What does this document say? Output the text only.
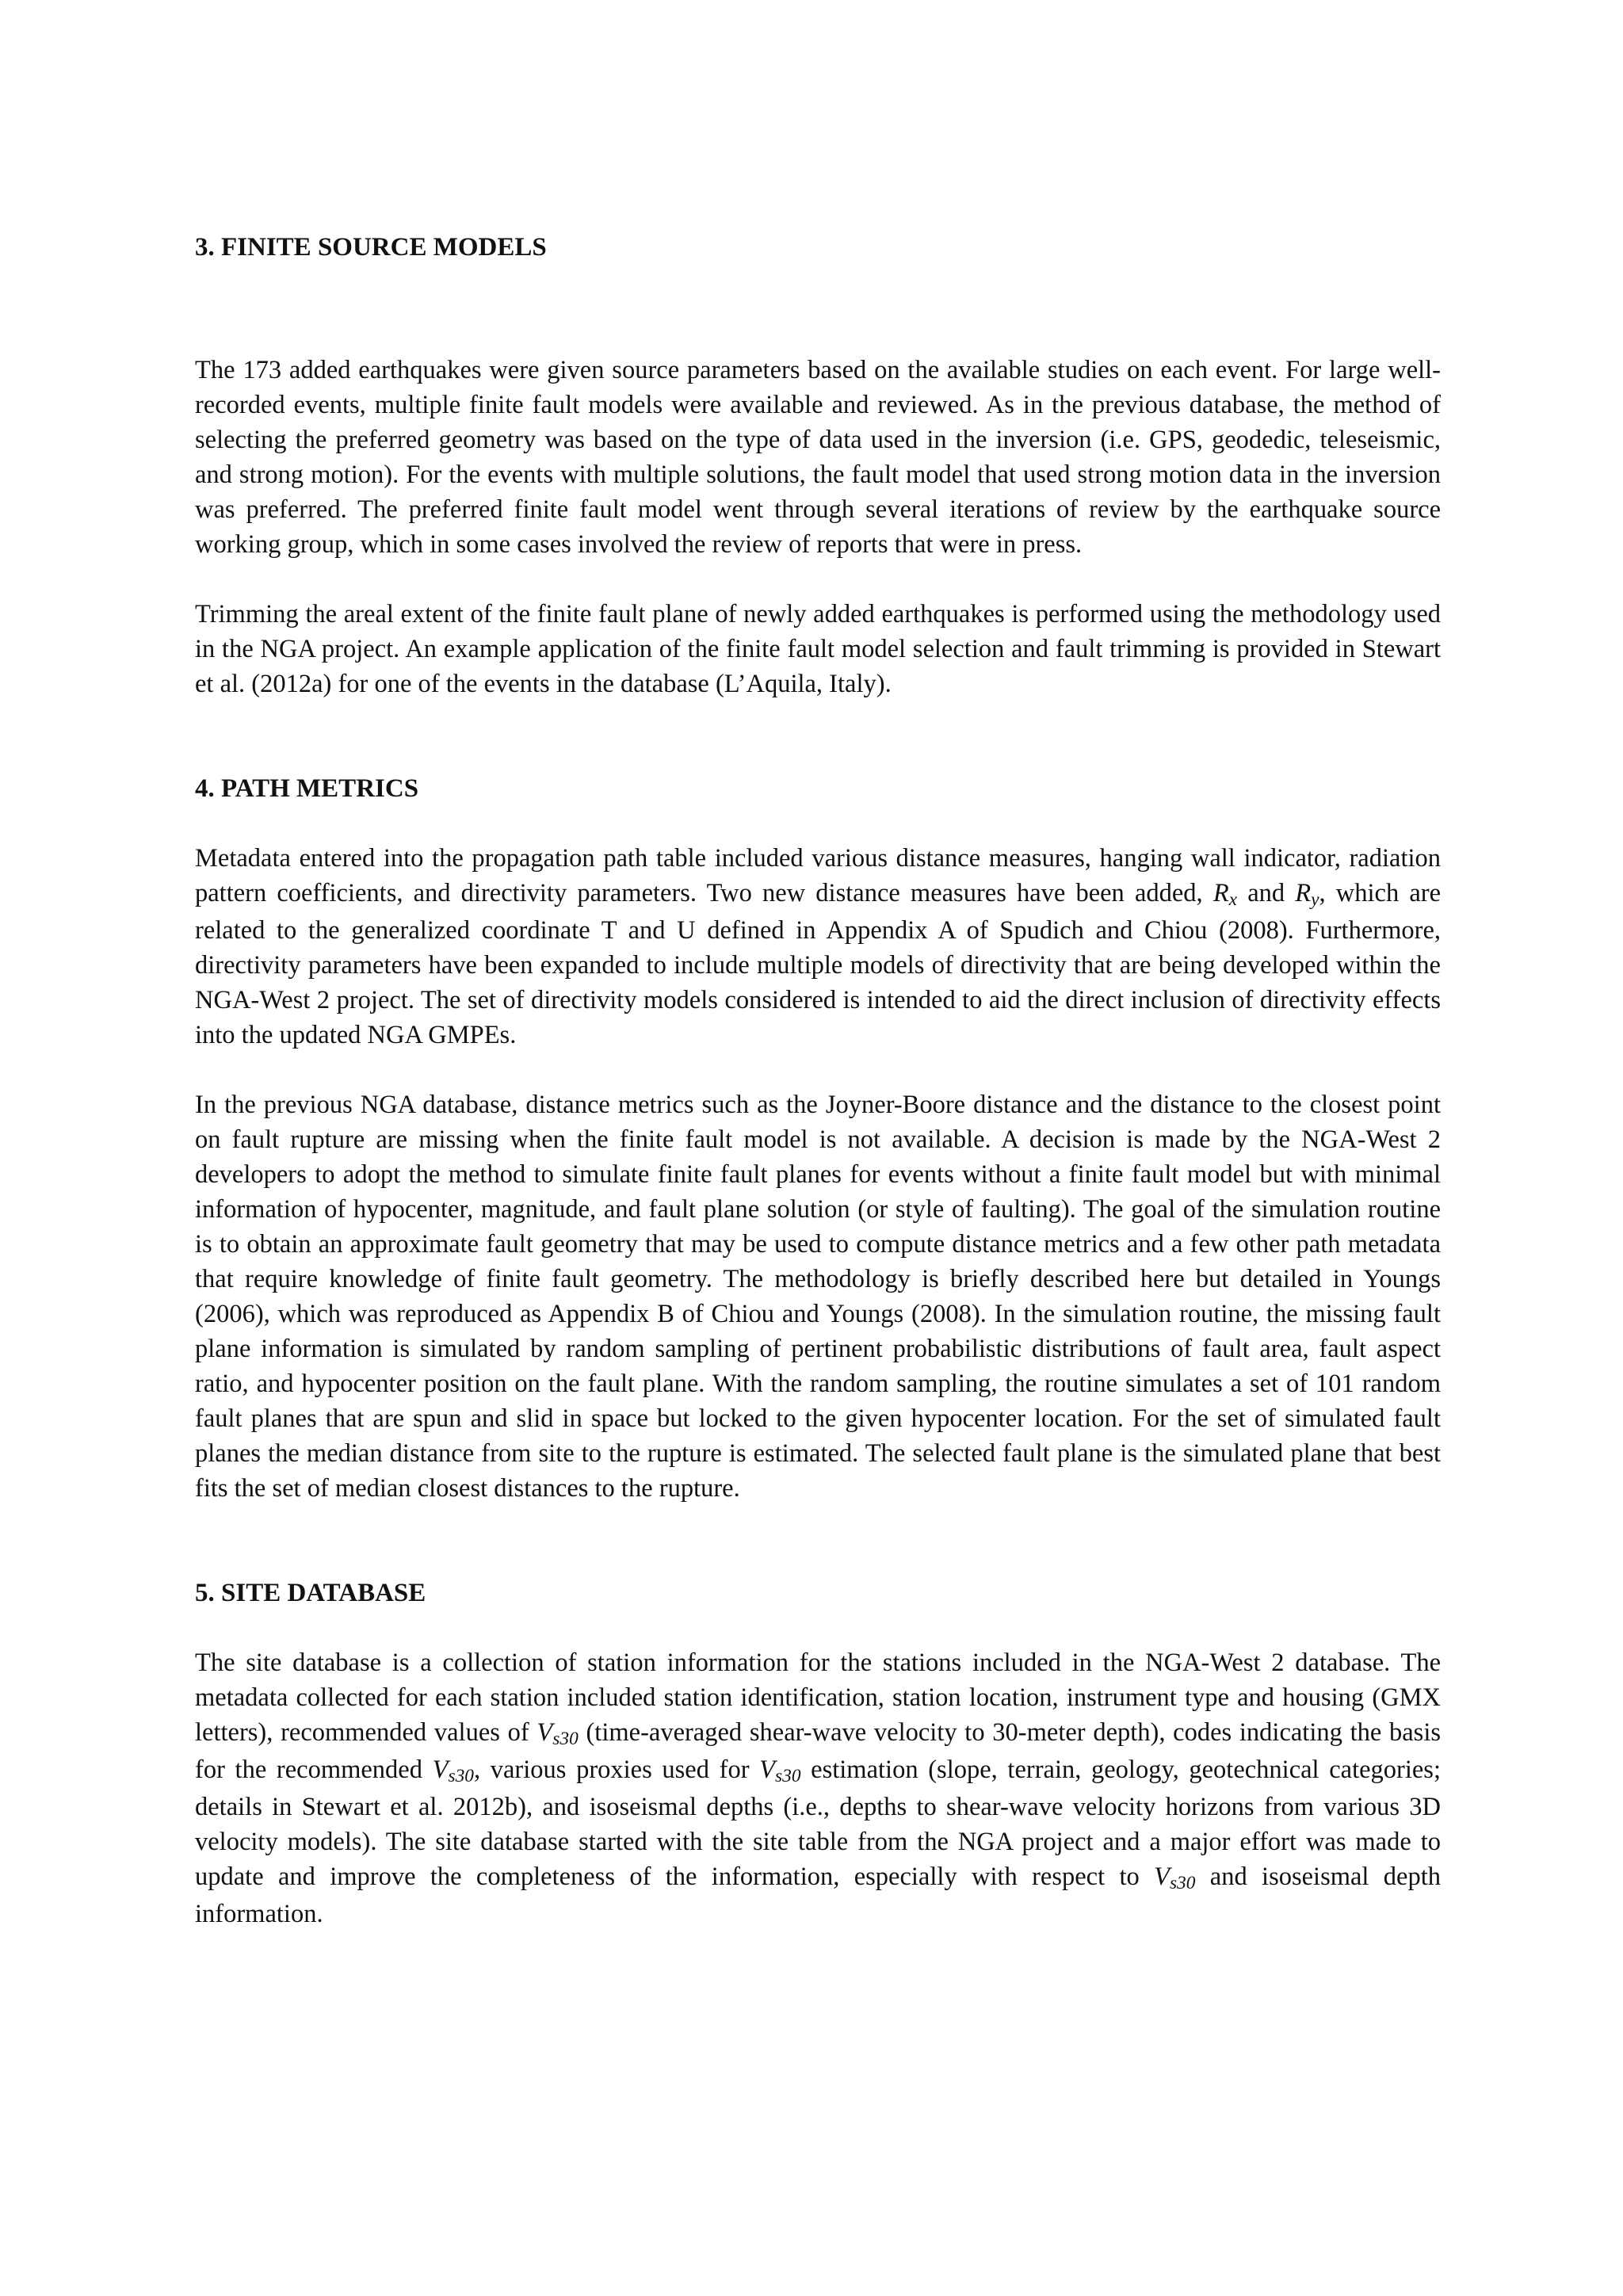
3. FINITE SOURCE MODELS

The 173 added earthquakes were given source parameters based on the available studies on each event. For large well-recorded events, multiple finite fault models were available and reviewed. As in the previous database, the method of selecting the preferred geometry was based on the type of data used in the inversion (i.e. GPS, geodedic, teleseismic, and strong motion). For the events with multiple solutions, the fault model that used strong motion data in the inversion was preferred. The preferred finite fault model went through several iterations of review by the earthquake source working group, which in some cases involved the review of reports that were in press.

Trimming the areal extent of the finite fault plane of newly added earthquakes is performed using the methodology used in the NGA project. An example application of the finite fault model selection and fault trimming is provided in Stewart et al. (2012a) for one of the events in the database (L’Aquila, Italy).

4. PATH METRICS

Metadata entered into the propagation path table included various distance measures, hanging wall indicator, radiation pattern coefficients, and directivity parameters. Two new distance measures have been added, Rx and Ry, which are related to the generalized coordinate T and U defined in Appendix A of Spudich and Chiou (2008). Furthermore, directivity parameters have been expanded to include multiple models of directivity that are being developed within the NGA-West 2 project. The set of directivity models considered is intended to aid the direct inclusion of directivity effects into the updated NGA GMPEs.

In the previous NGA database, distance metrics such as the Joyner-Boore distance and the distance to the closest point on fault rupture are missing when the finite fault model is not available. A decision is made by the NGA-West 2 developers to adopt the method to simulate finite fault planes for events without a finite fault model but with minimal information of hypocenter, magnitude, and fault plane solution (or style of faulting). The goal of the simulation routine is to obtain an approximate fault geometry that may be used to compute distance metrics and a few other path metadata that require knowledge of finite fault geometry. The methodology is briefly described here but detailed in Youngs (2006), which was reproduced as Appendix B of Chiou and Youngs (2008). In the simulation routine, the missing fault plane information is simulated by random sampling of pertinent probabilistic distributions of fault area, fault aspect ratio, and hypocenter position on the fault plane. With the random sampling, the routine simulates a set of 101 random fault planes that are spun and slid in space but locked to the given hypocenter location. For the set of simulated fault planes the median distance from site to the rupture is estimated. The selected fault plane is the simulated plane that best fits the set of median closest distances to the rupture.

5. SITE DATABASE

The site database is a collection of station information for the stations included in the NGA-West 2 database. The metadata collected for each station included station identification, station location, instrument type and housing (GMX letters), recommended values of Vs30 (time-averaged shear-wave velocity to 30-meter depth), codes indicating the basis for the recommended Vs30, various proxies used for Vs30 estimation (slope, terrain, geology, geotechnical categories; details in Stewart et al. 2012b), and isoseismal depths (i.e., depths to shear-wave velocity horizons from various 3D velocity models). The site database started with the site table from the NGA project and a major effort was made to update and improve the completeness of the information, especially with respect to Vs30 and isoseismal depth information.
